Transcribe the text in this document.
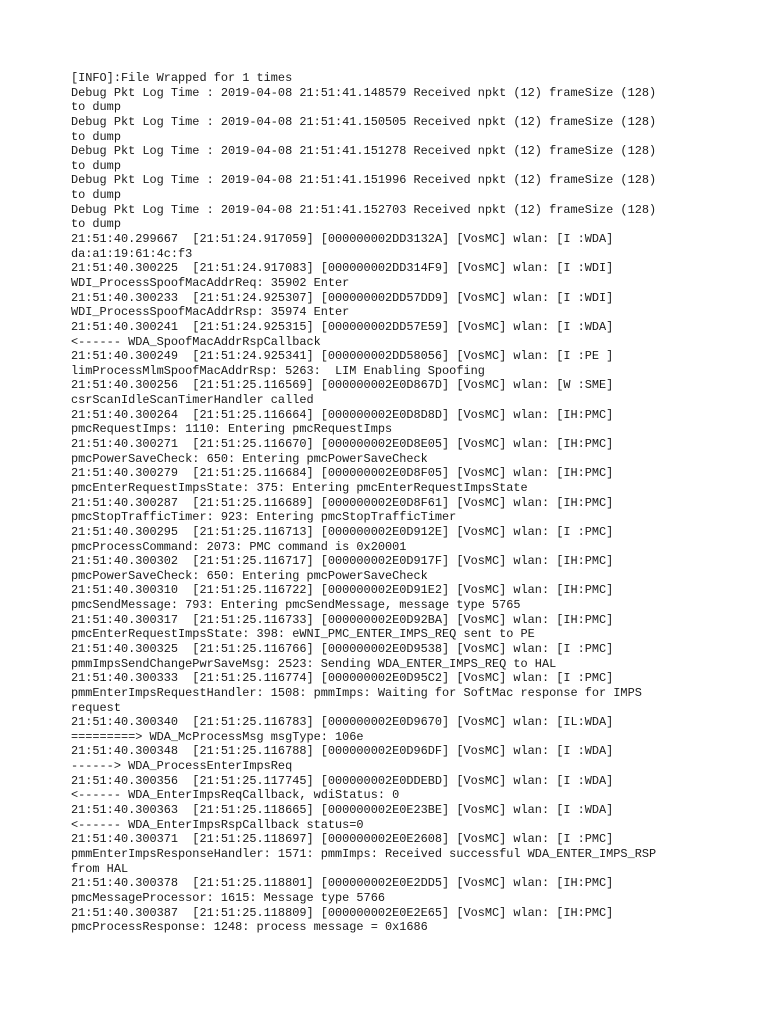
[INFO]:File Wrapped for 1 times
Debug Pkt Log Time : 2019-04-08 21:51:41.148579 Received npkt (12) frameSize (128)
to dump
Debug Pkt Log Time : 2019-04-08 21:51:41.150505 Received npkt (12) frameSize (128)
to dump
Debug Pkt Log Time : 2019-04-08 21:51:41.151278 Received npkt (12) frameSize (128)
to dump
Debug Pkt Log Time : 2019-04-08 21:51:41.151996 Received npkt (12) frameSize (128)
to dump
Debug Pkt Log Time : 2019-04-08 21:51:41.152703 Received npkt (12) frameSize (128)
to dump
21:51:40.299667  [21:51:24.917059] [000000002DD3132A] [VosMC] wlan: [I :WDA]
da:a1:19:61:4c:f3
21:51:40.300225  [21:51:24.917083] [000000002DD314F9] [VosMC] wlan: [I :WDI]
WDI_ProcessSpoofMacAddrReq: 35902 Enter
21:51:40.300233  [21:51:24.925307] [000000002DD57DD9] [VosMC] wlan: [I :WDI]
WDI_ProcessSpoofMacAddrRsp: 35974 Enter
21:51:40.300241  [21:51:24.925315] [000000002DD57E59] [VosMC] wlan: [I :WDA]
<------ WDA_SpoofMacAddrRspCallback
21:51:40.300249  [21:51:24.925341] [000000002DD58056] [VosMC] wlan: [I :PE ]
limProcessMlmSpoofMacAddrRsp: 5263:  LIM Enabling Spoofing
21:51:40.300256  [21:51:25.116569] [000000002E0D867D] [VosMC] wlan: [W :SME]
csrScanIdleScanTimerHandler called
21:51:40.300264  [21:51:25.116664] [000000002E0D8D8D] [VosMC] wlan: [IH:PMC]
pmcRequestImps: 1110: Entering pmcRequestImps
21:51:40.300271  [21:51:25.116670] [000000002E0D8E05] [VosMC] wlan: [IH:PMC]
pmcPowerSaveCheck: 650: Entering pmcPowerSaveCheck
21:51:40.300279  [21:51:25.116684] [000000002E0D8F05] [VosMC] wlan: [IH:PMC]
pmcEnterRequestImpsState: 375: Entering pmcEnterRequestImpsState
21:51:40.300287  [21:51:25.116689] [000000002E0D8F61] [VosMC] wlan: [IH:PMC]
pmcStopTrafficTimer: 923: Entering pmcStopTrafficTimer
21:51:40.300295  [21:51:25.116713] [000000002E0D912E] [VosMC] wlan: [I :PMC]
pmcProcessCommand: 2073: PMC command is 0x20001
21:51:40.300302  [21:51:25.116717] [000000002E0D917F] [VosMC] wlan: [IH:PMC]
pmcPowerSaveCheck: 650: Entering pmcPowerSaveCheck
21:51:40.300310  [21:51:25.116722] [000000002E0D91E2] [VosMC] wlan: [IH:PMC]
pmcSendMessage: 793: Entering pmcSendMessage, message type 5765
21:51:40.300317  [21:51:25.116733] [000000002E0D92BA] [VosMC] wlan: [IH:PMC]
pmcEnterRequestImpsState: 398: eWNI_PMC_ENTER_IMPS_REQ sent to PE
21:51:40.300325  [21:51:25.116766] [000000002E0D9538] [VosMC] wlan: [I :PMC]
pmmImpsSendChangePwrSaveMsg: 2523: Sending WDA_ENTER_IMPS_REQ to HAL
21:51:40.300333  [21:51:25.116774] [000000002E0D95C2] [VosMC] wlan: [I :PMC]
pmmEnterImpsRequestHandler: 1508: pmmImps: Waiting for SoftMac response for IMPS
request
21:51:40.300340  [21:51:25.116783] [000000002E0D9670] [VosMC] wlan: [IL:WDA]
=========> WDA_McProcessMsg msgType: 106e
21:51:40.300348  [21:51:25.116788] [000000002E0D96DF] [VosMC] wlan: [I :WDA]
------> WDA_ProcessEnterImpsReq
21:51:40.300356  [21:51:25.117745] [000000002E0DDEBD] [VosMC] wlan: [I :WDA]
<------ WDA_EnterImpsReqCallback, wdiStatus: 0
21:51:40.300363  [21:51:25.118665] [000000002E0E23BE] [VosMC] wlan: [I :WDA]
<------ WDA_EnterImpsRspCallback status=0
21:51:40.300371  [21:51:25.118697] [000000002E0E2608] [VosMC] wlan: [I :PMC]
pmmEnterImpsResponseHandler: 1571: pmmImps: Received successful WDA_ENTER_IMPS_RSP
from HAL
21:51:40.300378  [21:51:25.118801] [000000002E0E2DD5] [VosMC] wlan: [IH:PMC]
pmcMessageProcessor: 1615: Message type 5766
21:51:40.300387  [21:51:25.118809] [000000002E0E2E65] [VosMC] wlan: [IH:PMC]
pmcProcessResponse: 1248: process message = 0x1686
